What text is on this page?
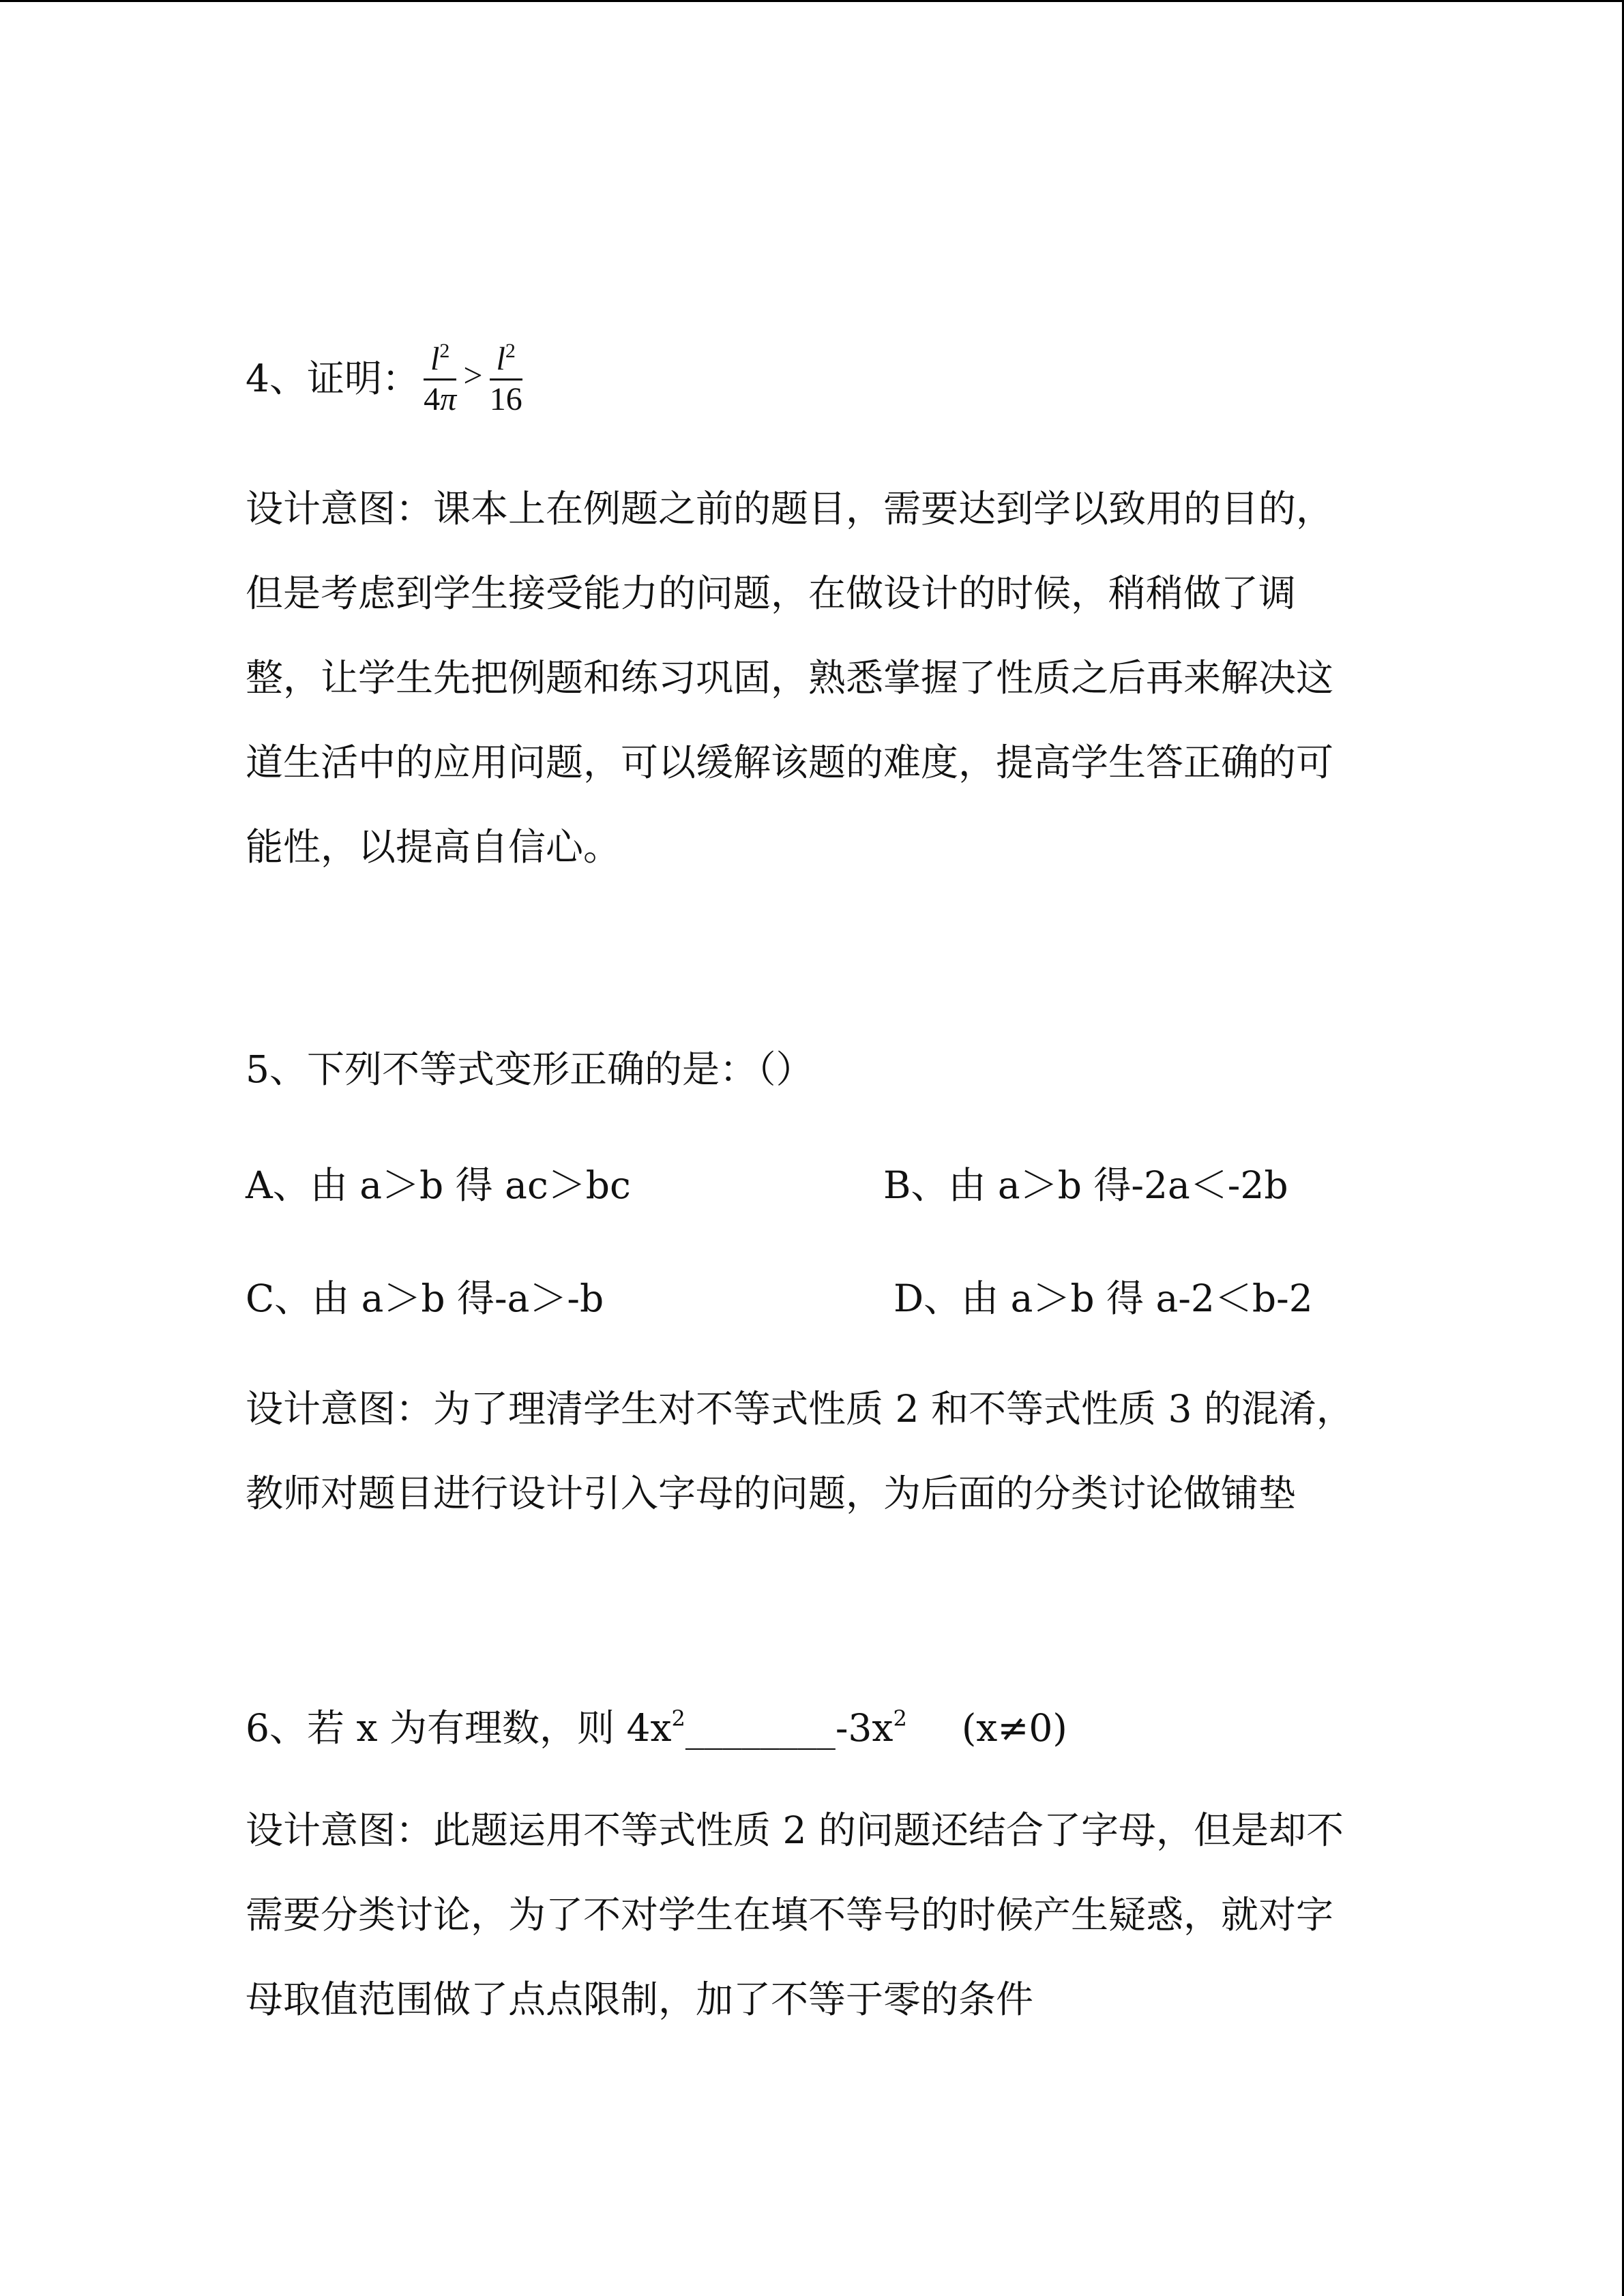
4、证明： $\frac{l^2}{4\pi} > \frac{l^2}{16}$
设计意图：课本上在例题之前的题目，需要达到学以致用的目的，
但是考虑到学生接受能力的问题，在做设计的时候，稍稍做了调
整，让学生先把例题和练习巩固，熟悉掌握了性质之后再来解决这
道生活中的应用问题，可以缓解该题的难度，提高学生答正确的可
能性，以提高自信心。
5、下列不等式变形正确的是：（）
A、由 a＞b 得 ac＞bc	B、由 a＞b 得-2a＜-2b
C、由 a＞b 得-a＞-b	D、由 a＞b 得 a-2＜b-2
设计意图：为了理清学生对不等式性质 2 和不等式性质 3 的混淆，
教师对题目进行设计引入字母的问题，为后面的分类讨论做铺垫
6、若 x 为有理数，则 $4x^2\_\_\_\_\_\_\_\_-3x^2$ (x≠0)
设计意图：此题运用不等式性质 2 的问题还结合了字母，但是却不
需要分类讨论，为了不对学生在填不等号的时候产生疑惑，就对字
母取值范围做了点点限制，加了不等于零的条件
